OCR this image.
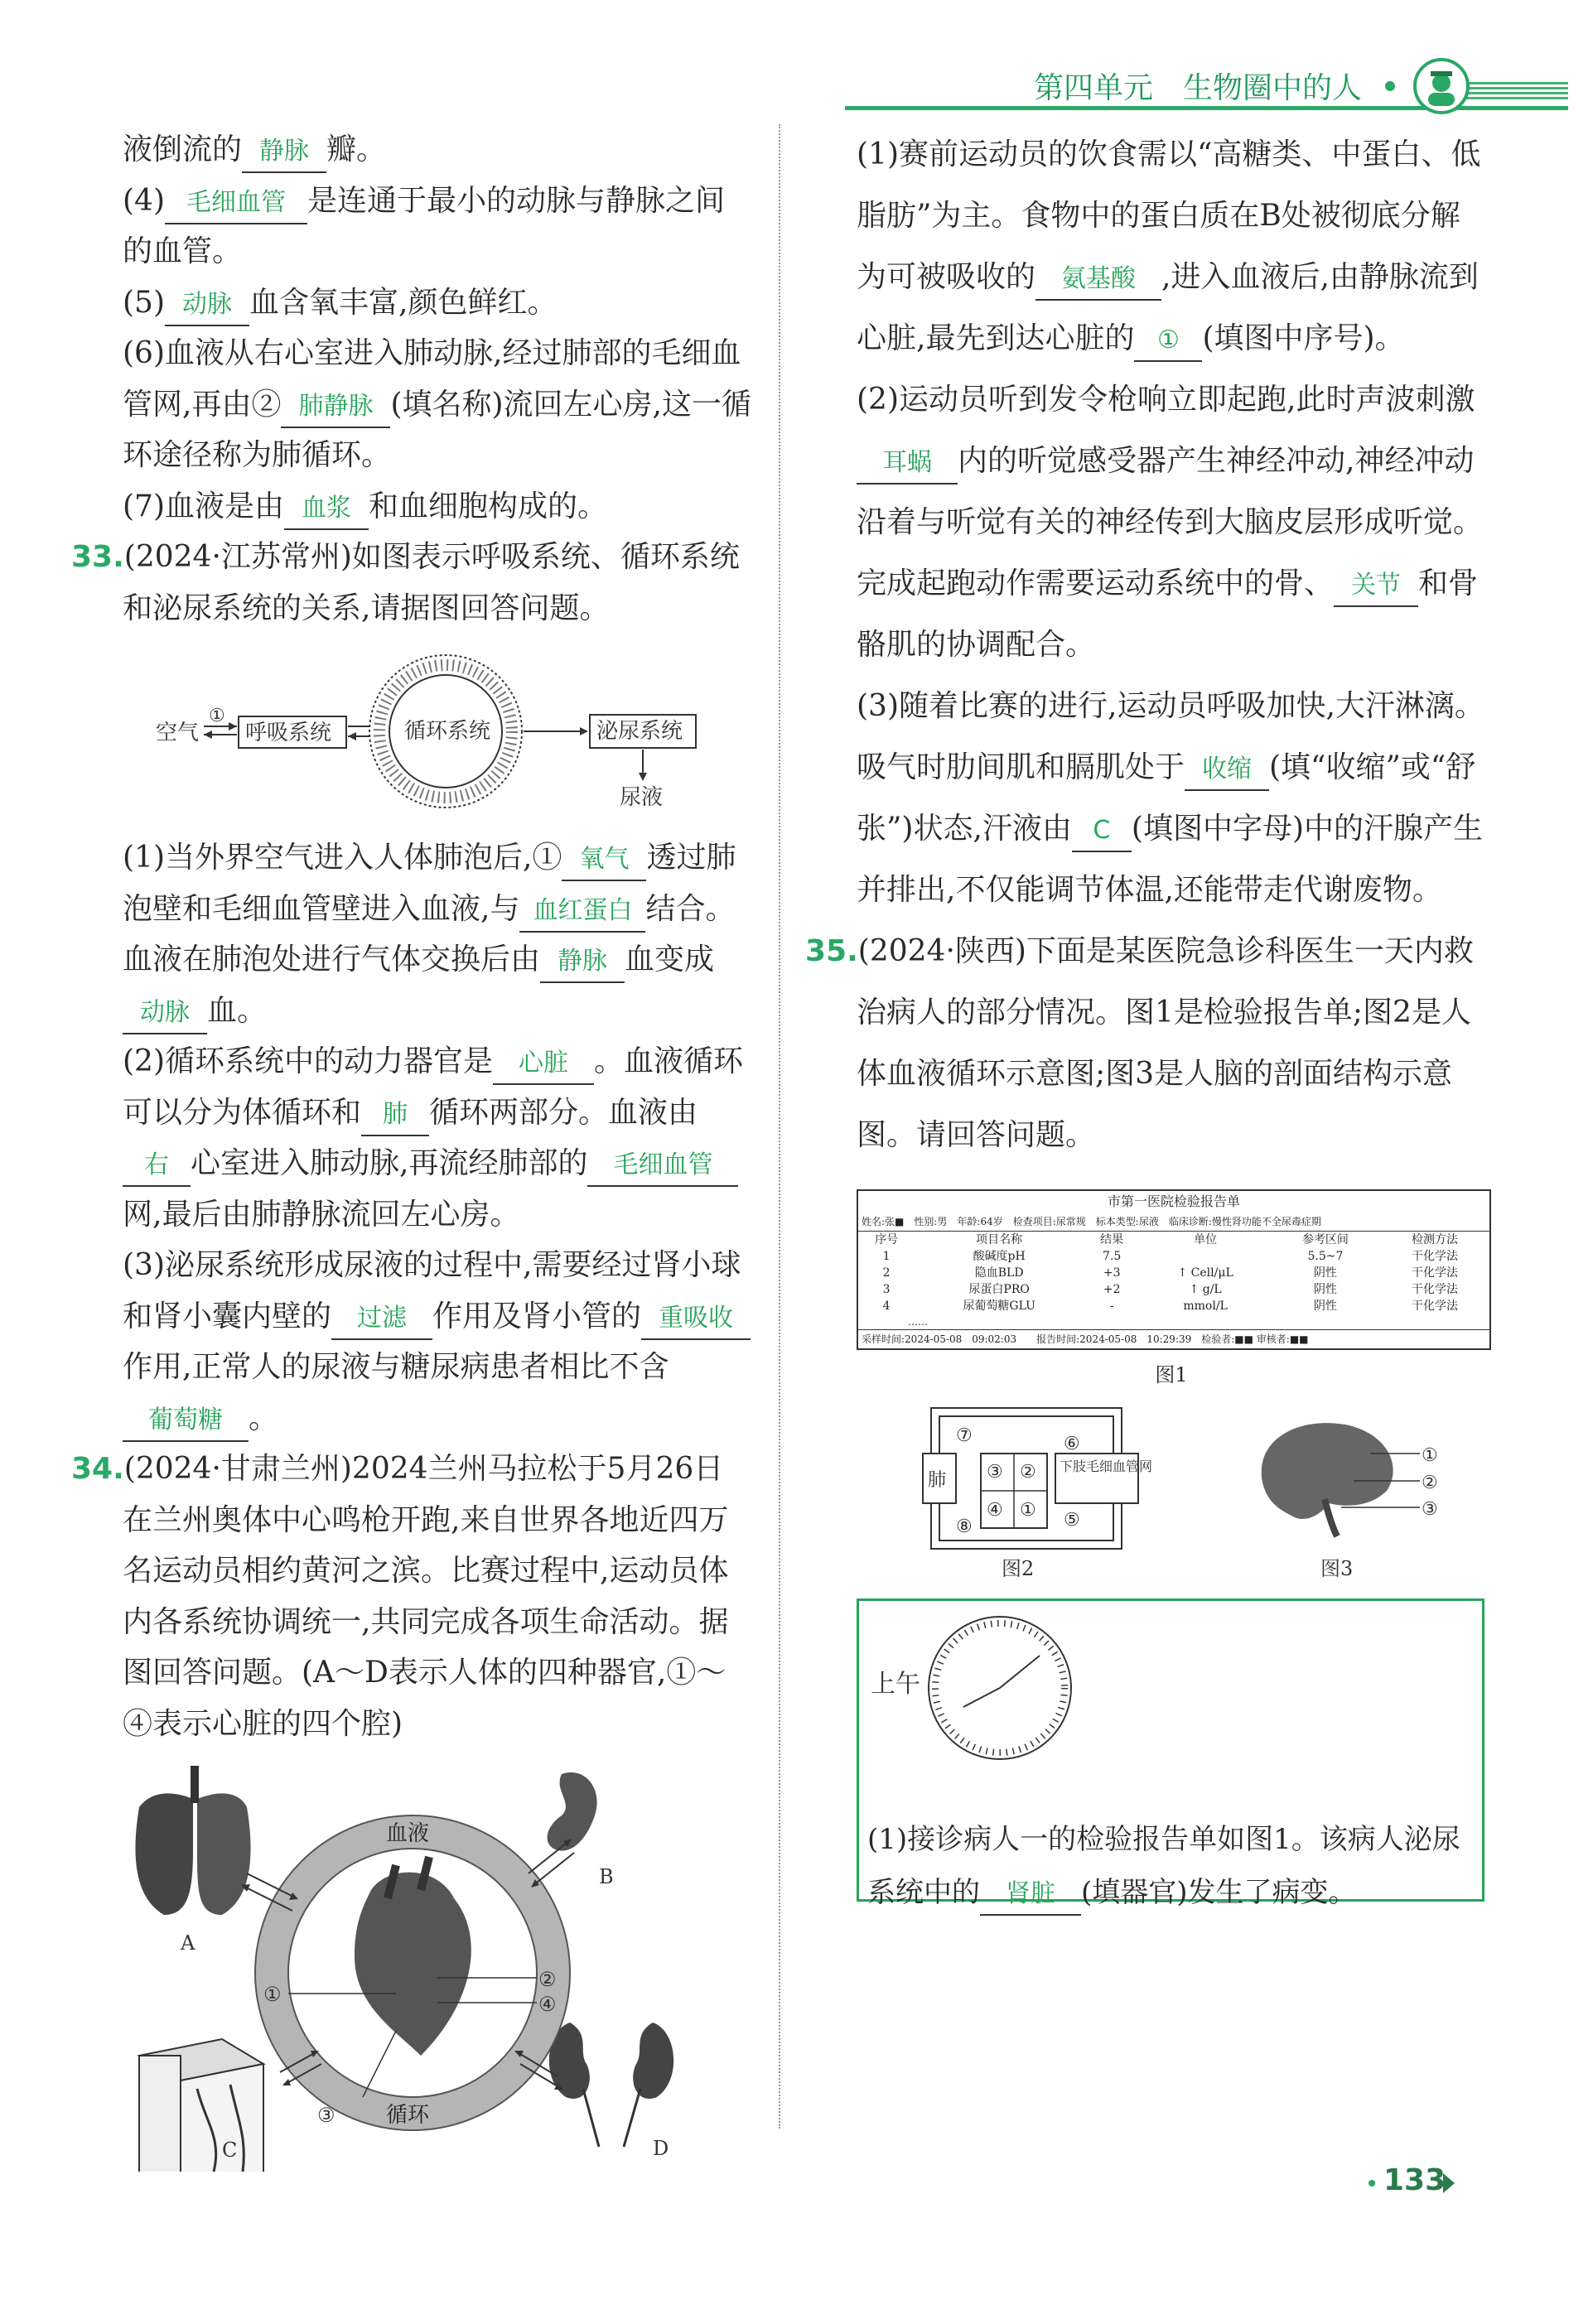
第四单元　生物圈中的人

液倒流的 静脉 瓣。

(4) 毛细血管 是连通于最小的动脉与静脉之间的血管。

(5) 动脉 血含氧丰富,颜色鲜红。

(6)血液从右心室进入肺动脉,经过肺部的毛细血管网,再由② 肺静脉 (填名称)流回左心房,这一循环途径称为肺循环。

(7)血液是由 血浆 和血细胞构成的。

33.(2024·江苏常州)如图表示呼吸系统、循环系统和泌尿系统的关系,请据图回答问题。

空气
①
呼吸系统	循环系统	泌尿系统
尿液

(1)当外界空气进入人体肺泡后,① 氧气 透过肺泡壁和毛细血管壁进入血液,与 血红蛋白 结合。血液在肺泡处进行气体交换后由 静脉 血变成动脉 血。

(2)循环系统中的动力器官是 心脏 。血液循环可以分为体循环和 肺 循环两部分。血液由右 心室进入肺动脉,再流经肺部的 毛细血管网,最后由肺静脉流回左心房。

(3)泌尿系统形成尿液的过程中,需要经过肾小球和肾小囊内壁的 过滤 作用及肾小管的 重吸收作用,正常人的尿液与糖尿病患者相比不含葡萄糖 。

34.(2024·甘肃兰州)2024兰州马拉松于5月26日在兰州奥体中心鸣枪开跑,来自世界各地近四万名运动员相约黄河之滨。比赛过程中,运动员体内各系统协调统一,共同完成各项生命活动。据图回答问题。(A～D表示人体的四种器官,①～④表示心脏的四个腔)

A
B
C	D
血液
循环
①
②
④
③

(1)赛前运动员的饮食需以“高糖类、中蛋白、低脂肪”为主。食物中的蛋白质在B处被彻底分解为可被吸收的 氨基酸 ,进入血液后,由静脉流到心脏,最先到达心脏的 ① (填图中序号)。

(2)运动员听到发令枪响立即起跑,此时声波刺激耳蜗 内的听觉感受器产生神经冲动,神经冲动沿着与听觉有关的神经传到大脑皮层形成听觉。完成起跑动作需要运动系统中的骨、 关节 和骨骼肌的协调配合。

(3)随着比赛的进行,运动员呼吸加快,大汗淋漓。吸气时肋间肌和膈肌处于 收缩 (填“收缩”或“舒张”)状态,汗液由 C (填图中字母)中的汗腺产生并排出,不仅能调节体温,还能带走代谢废物。

35.(2024·陕西)下面是某医院急诊科医生一天内救治病人的部分情况。图1是检验报告单;图2是人体血液循环示意图;图3是人脑的剖面结构示意图。请回答问题。

市第一医院检验报告单
姓名:张■　性别:男　年龄:64岁　检查项目:尿常规　标本类型:尿液　临床诊断:慢性肾功能不全尿毒症期
序号	项目名称	结果	单位	参考区间	检测方法
1	酸碱度pH	7.5		5.5~7	干化学法
2	隐血BLD	+3	↑ Cell/μL	阴性	干化学法
3	尿蛋白PRO	+2	↑ g/L	阴性	干化学法
4	尿葡萄糖GLU	-	mmol/L	阴性	干化学法
……
采样时间:2024-05-08　09:02:03　　报告时间:2024-05-08　10:29:39　检验者:■■ 审核者:■■
图1
肺
下肢毛细血管网
⑦	⑥
③ ②
④ ①
⑧	⑤
图2
①
②
③
图3
上午

(1)接诊病人一的检验报告单如图1。该病人泌尿系统中的 肾脏 (填器官)发生了病变。

133
